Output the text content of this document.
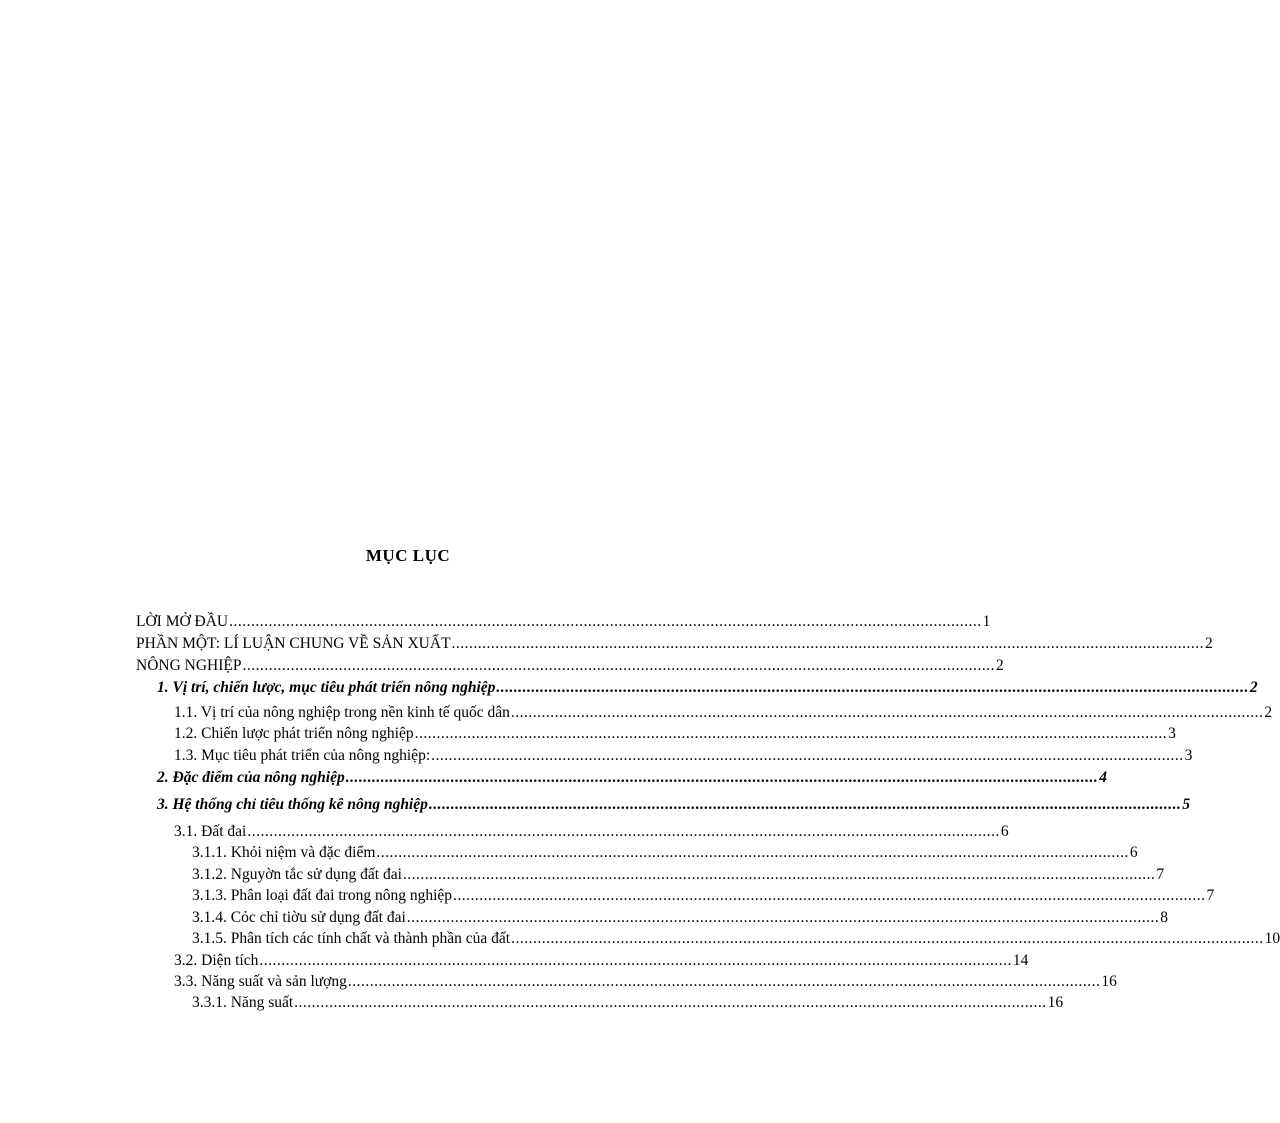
MỤC LỤC
LỜI MỞ ĐẦU ............................................................................................................................................................................ 1
PHẦN MỘT: LÍ LUẬN CHUNG VỀ SẢN XUẤT ............................................................................................................................................................................ 2
NÔNG NGHIỆP ............................................................................................................................................................................ 2
1. Vị trí, chiến lược, mục tiêu phát triển nông nghiệp ............................................................................................................................................................................ 2
1.1. Vị trí của nông nghiệp trong nền kinh tế quốc dân ............................................................................................................................................................................ 2
1.2. Chiến lược phát triển nông nghiệp ............................................................................................................................................................................ 3
1.3. Mục tiêu phát triển của nông nghiệp: ............................................................................................................................................................................ 3
2. Đặc điểm của nông nghiệp ............................................................................................................................................................................ 4
3. Hệ thống chỉ tiêu thống kê nông nghiệp ............................................................................................................................................................................ 5
3.1. Đất đai ............................................................................................................................................................................ 6
3.1.1. Khỏi niệm và đặc điểm ............................................................................................................................................................................ 6
3.1.2. Nguyờn tắc sử dụng đất đai ............................................................................................................................................................................ 7
3.1.3. Phân loại đất đai trong nông nghiệp ............................................................................................................................................................................ 7
3.1.4. Cỏc chỉ tiờu sử dụng đất đai ............................................................................................................................................................................ 8
3.1.5. Phân tích các tính chất và thành phần của đất ............................................................................................................................................................................ 10
3.2. Diện tích ............................................................................................................................................................................ 14
3.3. Năng suất và sản lượng ............................................................................................................................................................................ 16
3.3.1. Năng suất ............................................................................................................................................................................ 16
